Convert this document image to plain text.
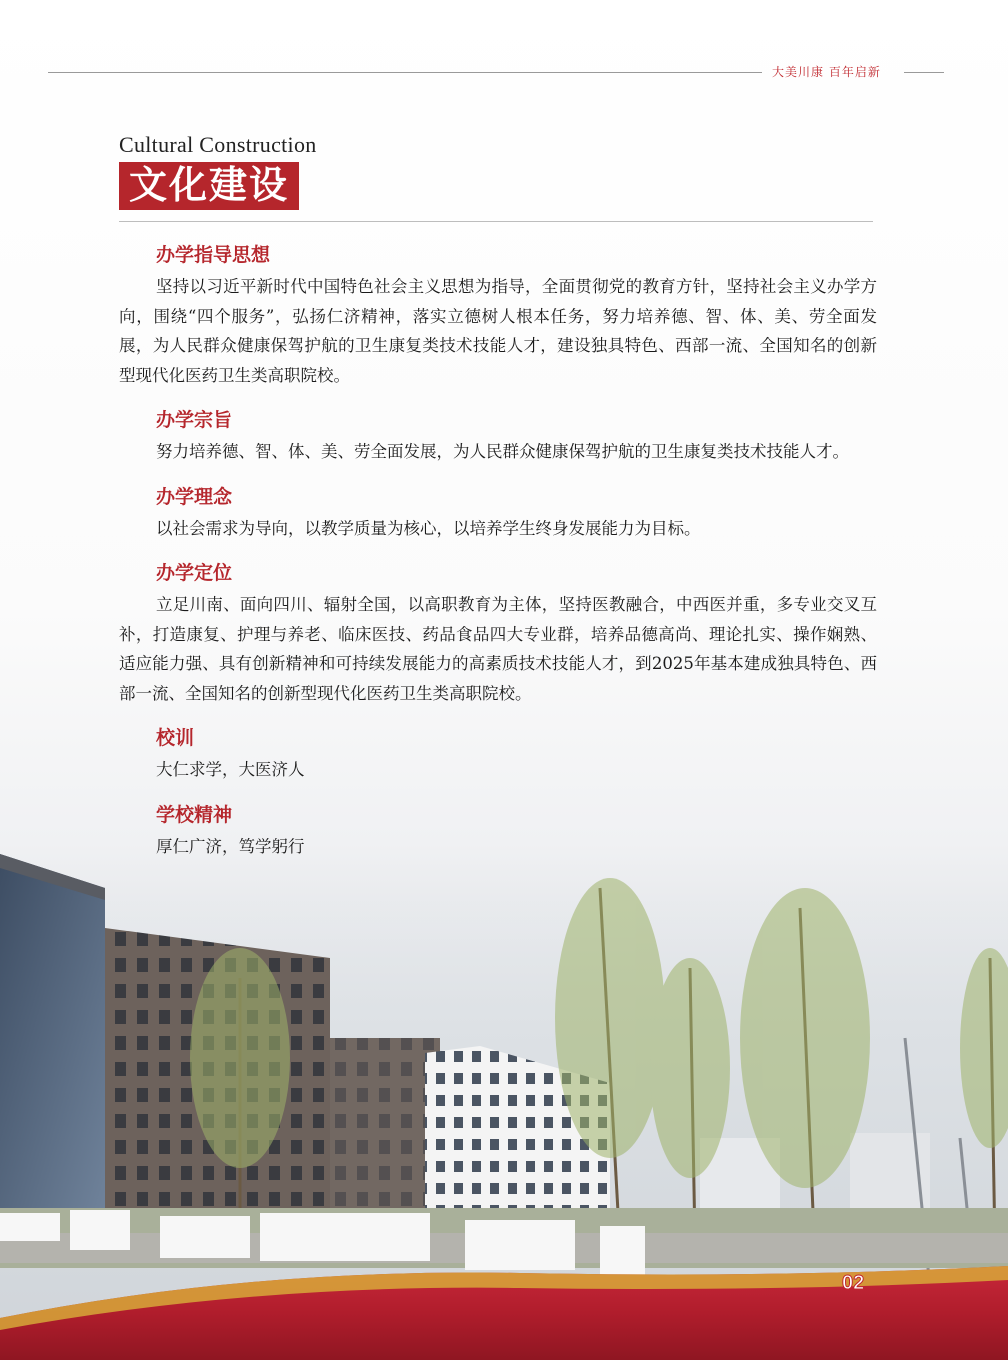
大美川康 百年启新
Cultural Construction
文化建设
办学指导思想

坚持以习近平新时代中国特色社会主义思想为指导，全面贯彻党的教育方针，坚持社会主义办学方向，围绕“四个服务”，弘扬仁济精神，落实立德树人根本任务，努力培养德、智、体、美、劳全面发展，为人民群众健康保驾护航的卫生康复类技术技能人才，建设独具特色、西部一流、全国知名的创新型现代化医药卫生类高职院校。

办学宗旨

努力培养德、智、体、美、劳全面发展，为人民群众健康保驾护航的卫生康复类技术技能人才。

办学理念

以社会需求为导向，以教学质量为核心，以培养学生终身发展能力为目标。

办学定位

立足川南、面向四川、辐射全国，以高职教育为主体，坚持医教融合，中西医并重，多专业交叉互补，打造康复、护理与养老、临床医技、药品食品四大专业群，培养品德高尚、理论扎实、操作娴熟、适应能力强、具有创新精神和可持续发展能力的高素质技术技能人才，到2025年基本建成独具特色、西部一流、全国知名的创新型现代化医药卫生类高职院校。

校训

大仁求学，大医济人

学校精神

厚仁广济，笃学躬行

02
